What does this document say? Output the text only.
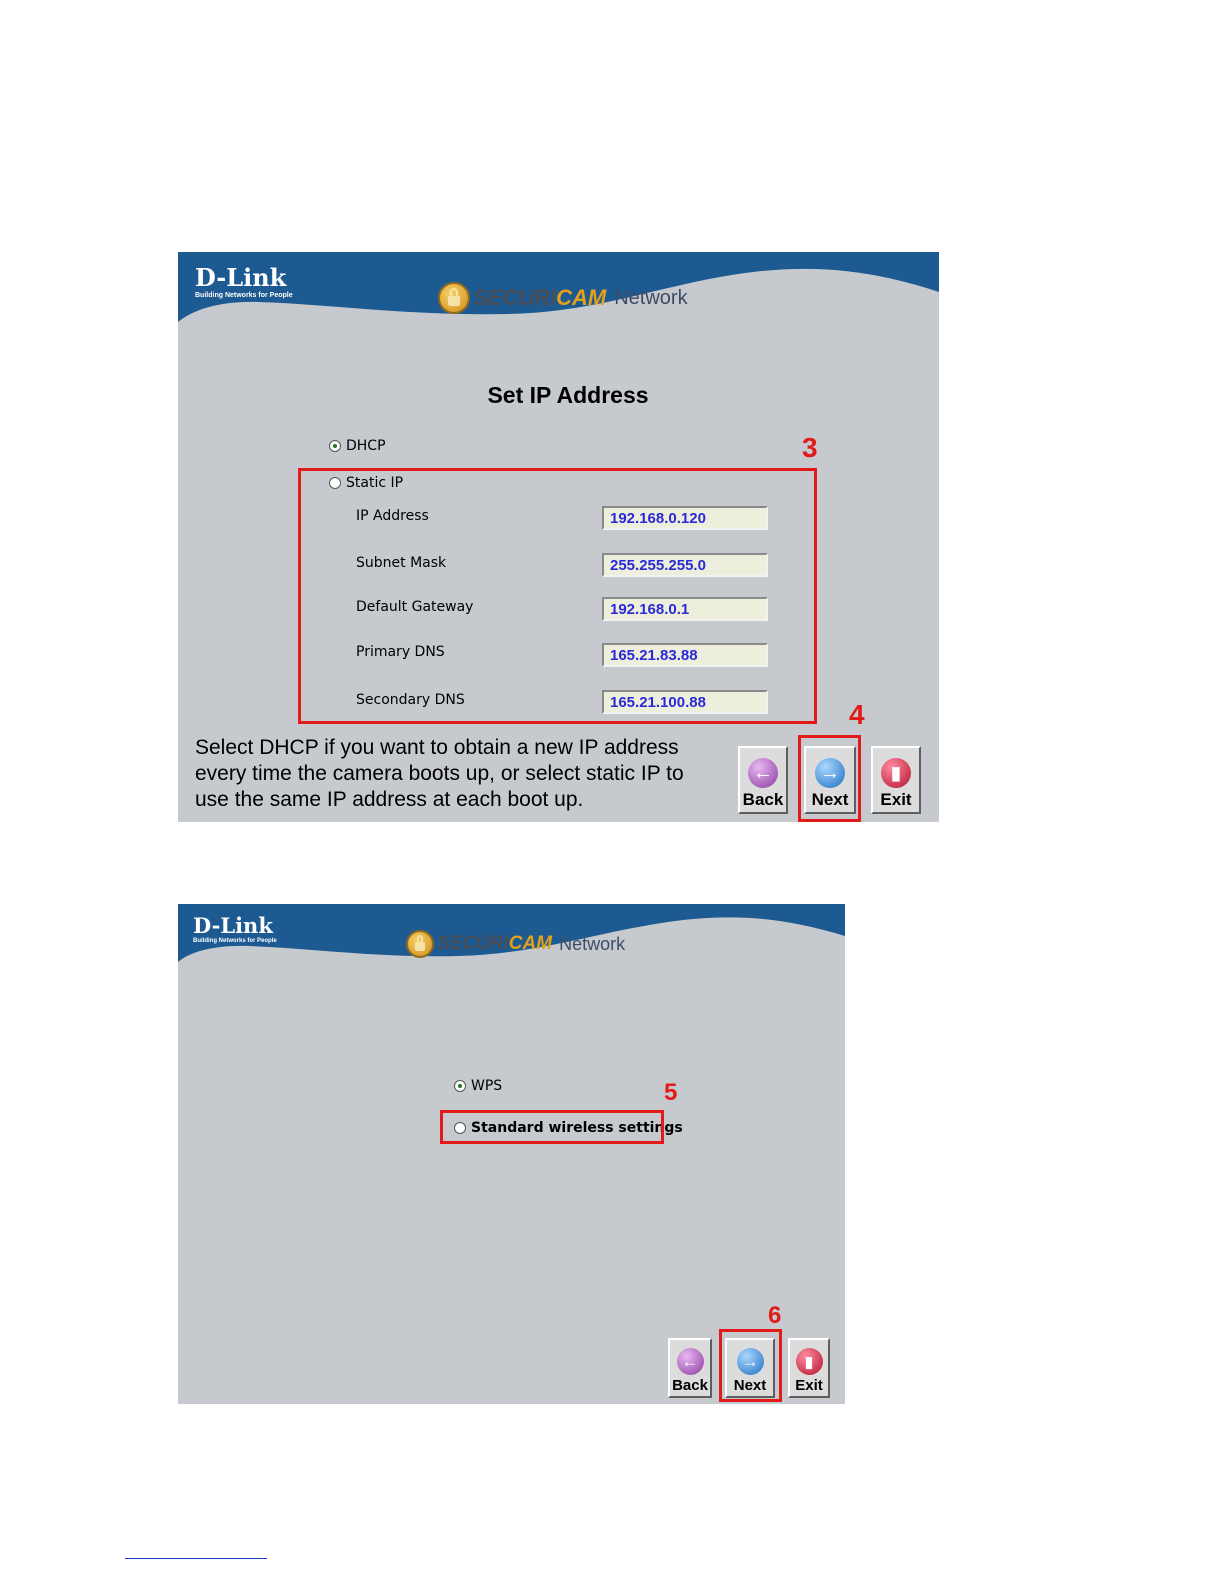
D-Link
Building Networks for People	SECURI CAM Network
Set IP Address
DHCP
Static IP
IP Address	192.168.0.120
Subnet Mask	255.255.255.0
Default Gateway	192.168.0.1
Primary DNS	165.21.83.88
Secondary DNS	165.21.100.88
3
Select DHCP if you want to obtain a new IP address
every time the camera boots up, or select static IP to
use the same IP address at each boot up.
←
Back
→
Next
▮
Exit
4
D-Link
Building Networks for People	SECURI CAM Network
WPS
Standard wireless settings
5
←
Back
→
Next
▮
Exit
6
